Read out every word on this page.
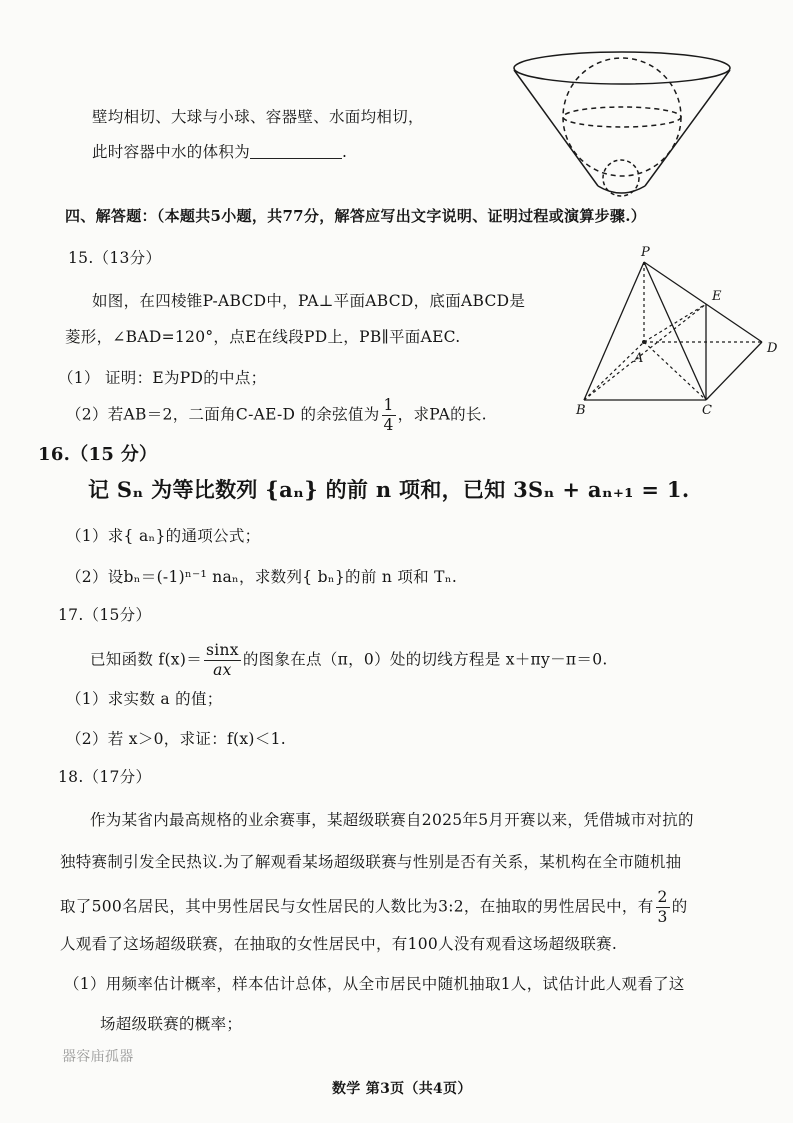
壁均相切、大球与小球、容器壁、水面均相切，
此时容器中水的体积为	.
四、解答题：（本题共5小题，共77分，解答应写出文字说明、证明过程或演算步骤.）
15.（13分）
如图，在四棱锥P-ABCD中，PA⊥平面ABCD，底面ABCD是
菱形，∠BAD=120°，点E在线段PD上，PB∥平面AEC.
（1） 证明：E为PD的中点；
（2）若AB＝2，二面角C-AE-D 的余弦值为 $\frac{1}{4}$ ，求PA的长.
P
E
A
D
B	C
16.（15 分）
记 Sₙ 为等比数列 {aₙ} 的前 n 项和，已知 3Sₙ + aₙ₊₁ = 1.
（1）求{ aₙ}的通项公式；
（2）设bₙ＝(-1)ⁿ⁻¹ naₙ，求数列{ bₙ}的前 n 项和 Tₙ.
17.（15分）
已知函数 $f(x)= \frac{\sin x}{ax}$ 的图象在点（π，0）处的切线方程是 x＋πy－π＝0.
（1）求实数 a 的值；
（2）若 x＞0，求证：f(x)＜1.
18.（17分）
作为某省内最高规格的业余赛事，某超级联赛自2025年5月开赛以来，凭借城市对抗的
独特赛制引发全民热议.为了解观看某场超级联赛与性别是否有关系，某机构在全市随机抽
取了500名居民，其中男性居民与女性居民的人数比为3:2，在抽取的男性居民中，有 $\frac{2}{3}$ 的
人观看了这场超级联赛，在抽取的女性居民中，有100人没有观看这场超级联赛.
（1）用频率估计概率，样本估计总体，从全市居民中随机抽取1人，试估计此人观看了这
场超级联赛的概率；
器容庙孤器
数学 第3页（共4页）
